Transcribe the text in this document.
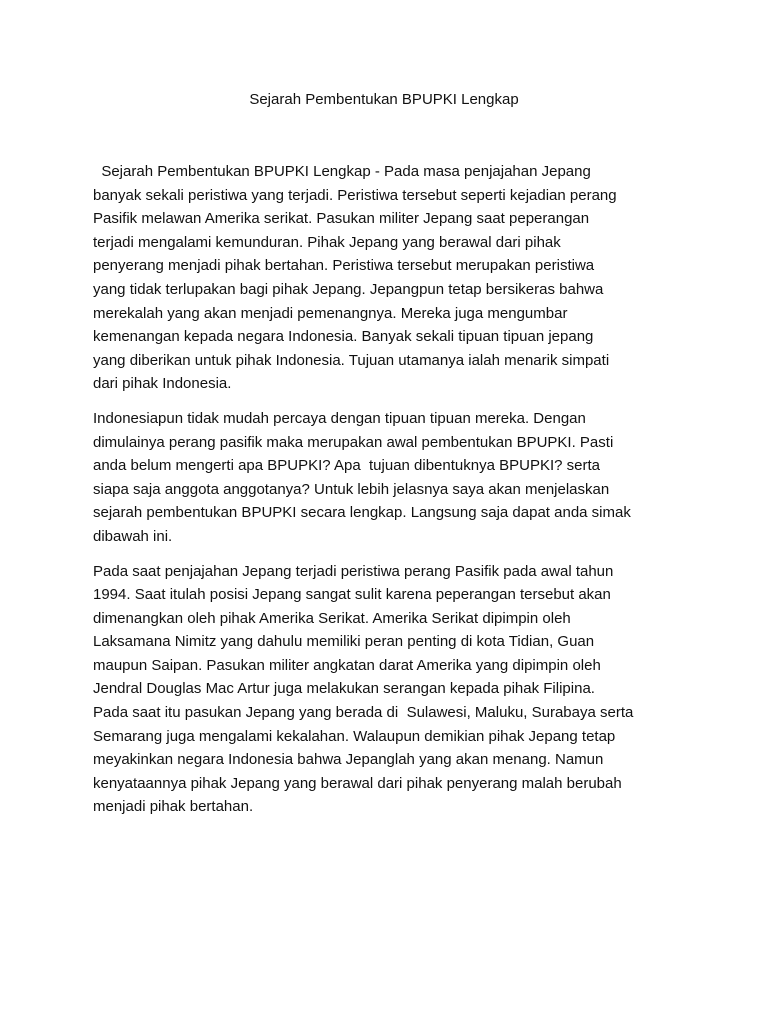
Sejarah Pembentukan BPUPKI Lengkap

Sejarah Pembentukan BPUPKI Lengkap - Pada masa penjajahan Jepang
banyak sekali peristiwa yang terjadi. Peristiwa tersebut seperti kejadian perang
Pasifik melawan Amerika serikat. Pasukan militer Jepang saat peperangan
terjadi mengalami kemunduran. Pihak Jepang yang berawal dari pihak
penyerang menjadi pihak bertahan. Peristiwa tersebut merupakan peristiwa
yang tidak terlupakan bagi pihak Jepang. Jepangpun tetap bersikeras bahwa
merekalah yang akan menjadi pemenangnya. Mereka juga mengumbar
kemenangan kepada negara Indonesia. Banyak sekali tipuan tipuan jepang
yang diberikan untuk pihak Indonesia. Tujuan utamanya ialah menarik simpati
dari pihak Indonesia.

Indonesiapun tidak mudah percaya dengan tipuan tipuan mereka. Dengan
dimulainya perang pasifik maka merupakan awal pembentukan BPUPKI. Pasti
anda belum mengerti apa BPUPKI? Apa  tujuan dibentuknya BPUPKI? serta
siapa saja anggota anggotanya? Untuk lebih jelasnya saya akan menjelaskan
sejarah pembentukan BPUPKI secara lengkap. Langsung saja dapat anda simak
dibawah ini.

Pada saat penjajahan Jepang terjadi peristiwa perang Pasifik pada awal tahun
1994. Saat itulah posisi Jepang sangat sulit karena peperangan tersebut akan
dimenangkan oleh pihak Amerika Serikat. Amerika Serikat dipimpin oleh
Laksamana Nimitz yang dahulu memiliki peran penting di kota Tidian, Guan
maupun Saipan. Pasukan militer angkatan darat Amerika yang dipimpin oleh
Jendral Douglas Mac Artur juga melakukan serangan kepada pihak Filipina.
Pada saat itu pasukan Jepang yang berada di  Sulawesi, Maluku, Surabaya serta
Semarang juga mengalami kekalahan. Walaupun demikian pihak Jepang tetap
meyakinkan negara Indonesia bahwa Jepanglah yang akan menang. Namun
kenyataannya pihak Jepang yang berawal dari pihak penyerang malah berubah
menjadi pihak bertahan.
